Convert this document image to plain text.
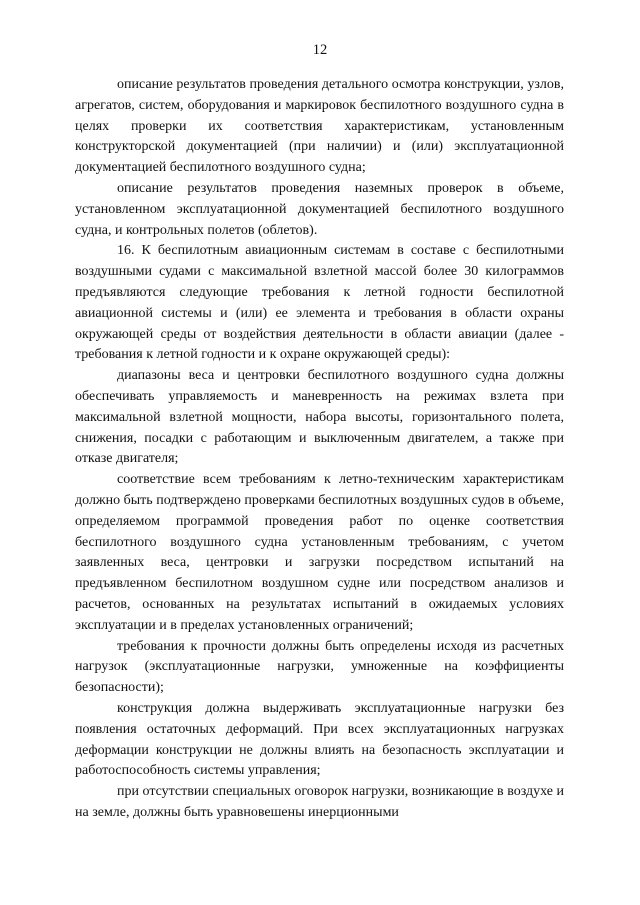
12

описание результатов проведения детального осмотра конструкции, узлов, агрегатов, систем, оборудования и маркировок беспилотного воздушного судна в целях проверки их соответствия характеристикам, установленным конструкторской документацией (при наличии) и (или) эксплуатационной документацией беспилотного воздушного судна;

описание результатов проведения наземных проверок в объеме, установленном эксплуатационной документацией беспилотного воздушного судна, и контрольных полетов (облетов).

16. К беспилотным авиационным системам в составе с беспилотными воздушными судами с максимальной взлетной массой более 30 килограммов предъявляются следующие требования к летной годности беспилотной авиационной системы и (или) ее элемента и требования в области охраны окружающей среды от воздействия деятельности в области авиации (далее - требования к летной годности и к охране окружающей среды):

диапазоны веса и центровки беспилотного воздушного судна должны обеспечивать управляемость и маневренность на режимах взлета при максимальной взлетной мощности, набора высоты, горизонтального полета, снижения, посадки с работающим и выключенным двигателем, а также при отказе двигателя;

соответствие всем требованиям к летно-техническим характеристикам должно быть подтверждено проверками беспилотных воздушных судов в объеме, определяемом программой проведения работ по оценке соответствия беспилотного воздушного судна установленным требованиям, с учетом заявленных веса, центровки и загрузки посредством испытаний на предъявленном беспилотном воздушном судне или посредством анализов и расчетов, основанных на результатах испытаний в ожидаемых условиях эксплуатации и в пределах установленных ограничений;

требования к прочности должны быть определены исходя из расчетных нагрузок (эксплуатационные нагрузки, умноженные на коэффициенты безопасности);

конструкция должна выдерживать эксплуатационные нагрузки без появления остаточных деформаций. При всех эксплуатационных нагрузках деформации конструкции не должны влиять на безопасность эксплуатации и работоспособность системы управления;

при отсутствии специальных оговорок нагрузки, возникающие в воздухе и на земле, должны быть уравновешены инерционными
